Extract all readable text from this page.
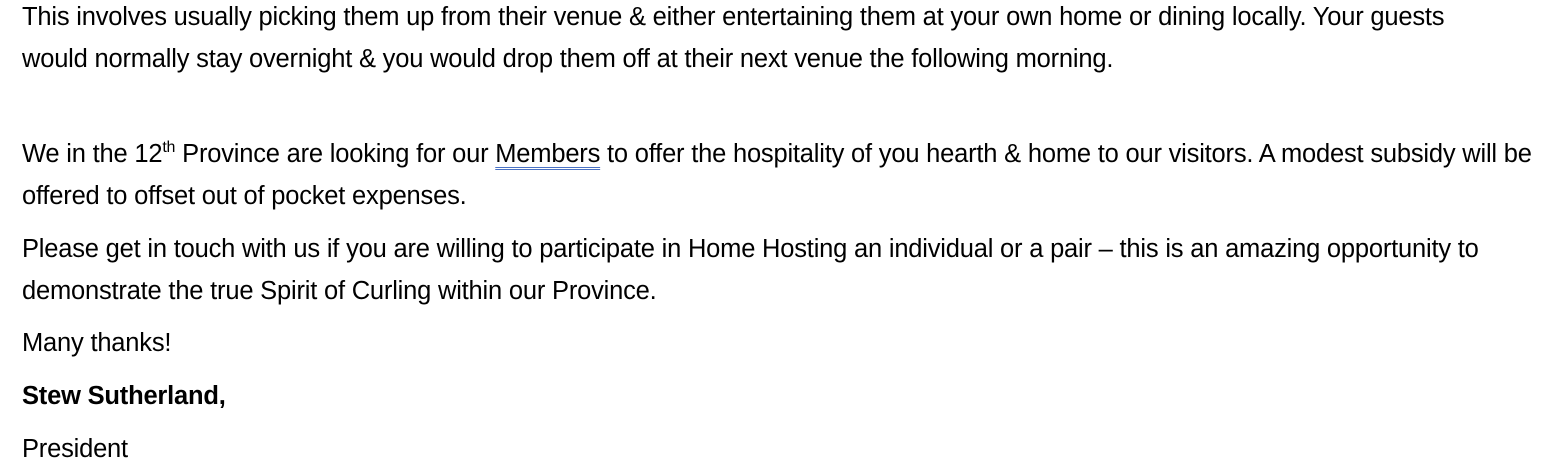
This involves usually picking them up from their venue & either entertaining them at your own home or dining locally. Your guests would normally stay overnight & you would drop them off at their next venue the following morning.

We in the 12th Province are looking for our Members to offer the hospitality of you hearth & home to our visitors. A modest subsidy will be offered to offset out of pocket expenses.

Please get in touch with us if you are willing to participate in Home Hosting an individual or a pair – this is an amazing opportunity to demonstrate the true Spirit of Curling within our Province.

Many thanks!

Stew Sutherland,

President
